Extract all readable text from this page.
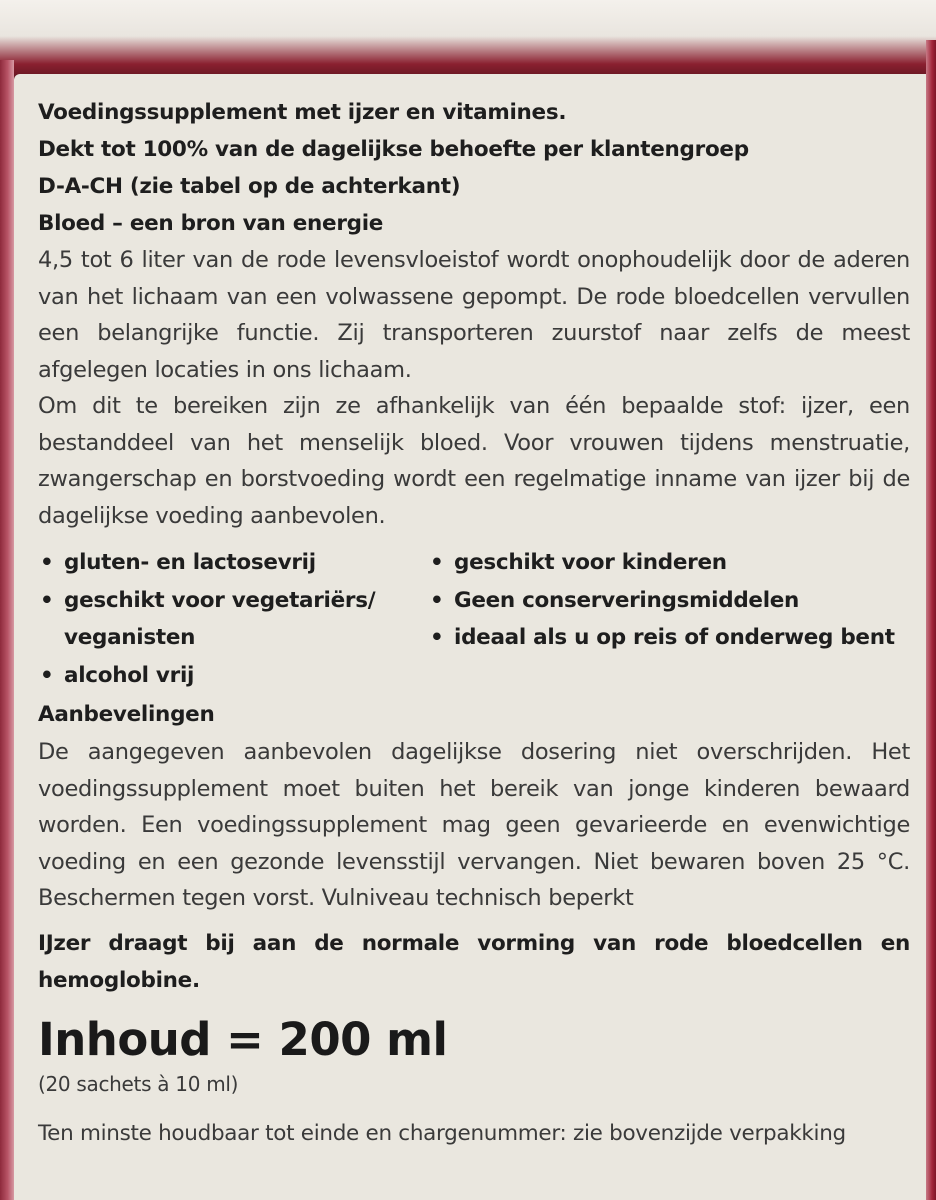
Voedingssupplement met ijzer en vitamines.

Dekt tot 100% van de dagelijkse behoefte per klantengroep

D-A-CH (zie tabel op de achterkant)

Bloed – een bron van energie

4,5 tot 6 liter van de rode levensvloeistof wordt onophoudelijk door de aderen van het lichaam van een volwassene gepompt. De rode bloedcellen vervullen een belangrijke functie. Zij transporteren zuurstof naar zelfs de meest afgelegen locaties in ons lichaam.

Om dit te bereiken zijn ze afhankelijk van één bepaalde stof: ijzer, een bestanddeel van het menselijk bloed. Voor vrouwen tijdens menstruatie, zwangerschap en borstvoeding wordt een regelmatige inname van ijzer bij de dagelijkse voeding aanbevolen.

• gluten- en lactosevrij
• geschikt voor vegetariërs/ veganisten
• alcohol vrij
• geschikt voor kinderen
• Geen conserveringsmiddelen
• ideaal als u op reis of onderweg bent

Aanbevelingen

De aangegeven aanbevolen dagelijkse dosering niet overschrijden. Het voedingssupplement moet buiten het bereik van jonge kinderen bewaard worden. Een voedingssupplement mag geen gevarieerde en evenwichtige voeding en een gezonde levensstijl vervangen. Niet bewaren boven 25 °C. Beschermen tegen vorst. Vulniveau technisch beperkt

IJzer draagt bij aan de normale vorming van rode bloedcellen en hemoglobine.

Inhoud = 200 ml

(20 sachets à 10 ml)

Ten minste houdbaar tot einde en chargenummer: zie bovenzijde verpakking
